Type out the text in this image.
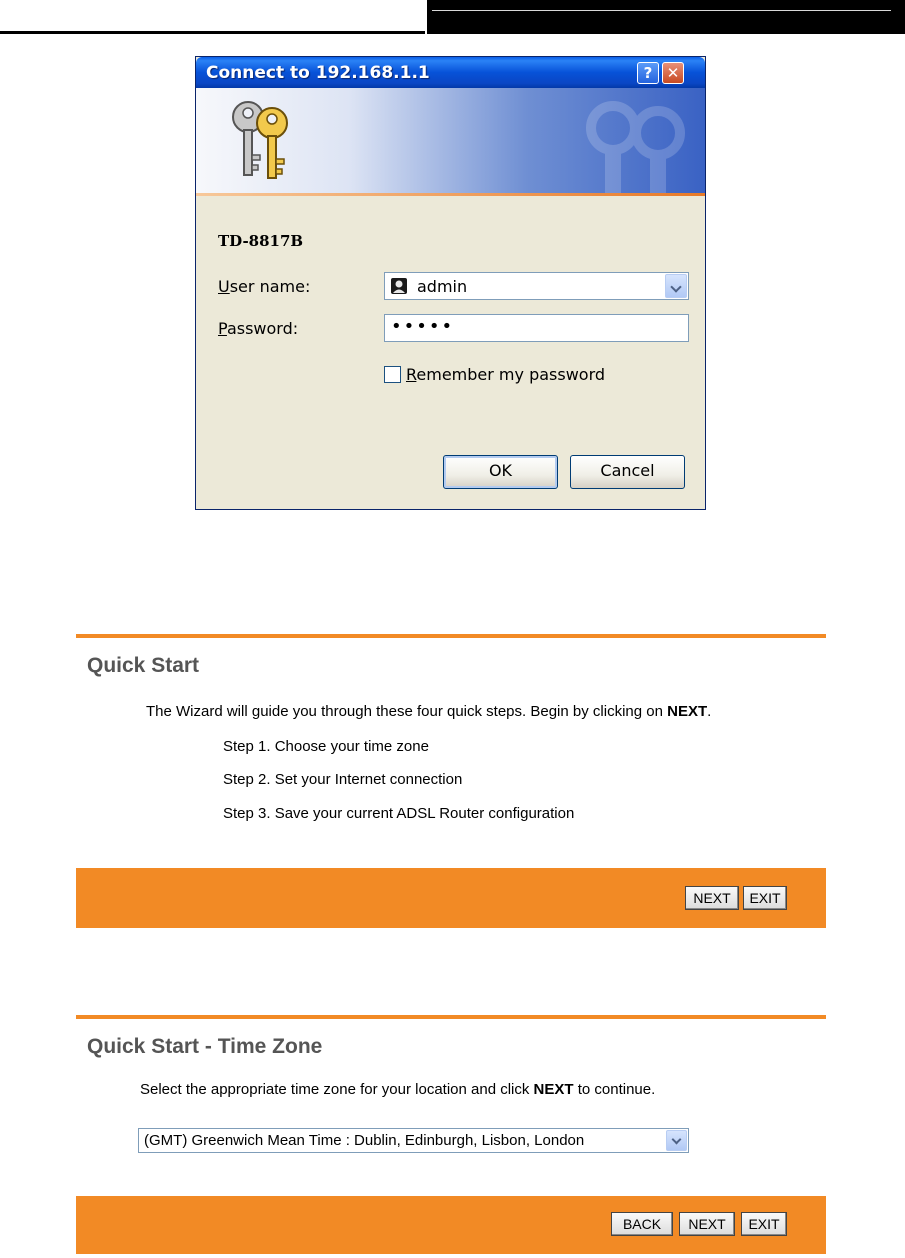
Connect to 192.168.1.1	? ✕
TD-8817B
User name:	admin
Password:	•••••
Remember my password
OK	Cancel
Quick Start
The Wizard will guide you through these four quick steps. Begin by clicking on NEXT.
Step 1. Choose your time zone
Step 2. Set your Internet connection
Step 3. Save your current ADSL Router configuration
NEXT	EXIT
Quick Start - Time Zone
Select the appropriate time zone for your location and click NEXT to continue.
(GMT) Greenwich Mean Time : Dublin, Edinburgh, Lisbon, London
BACK	NEXT	EXIT
